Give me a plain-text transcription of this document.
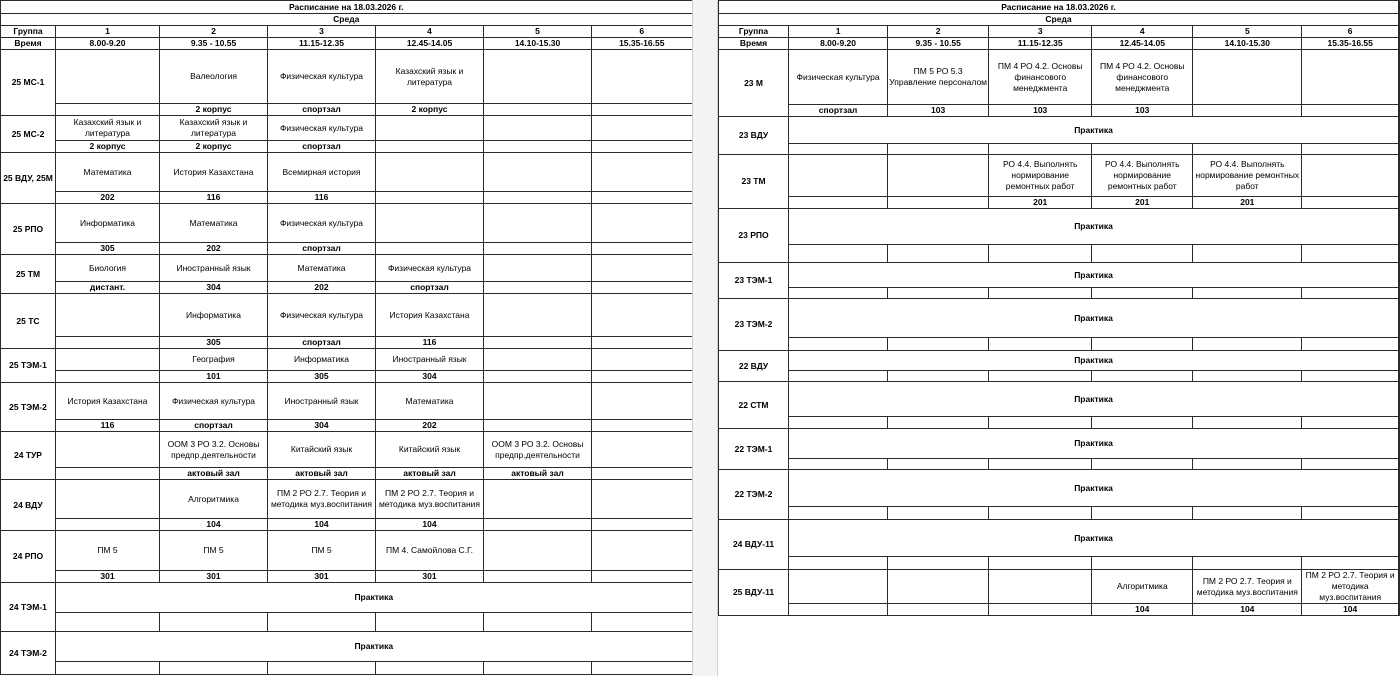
Расписание на 18.03.2026 г.						
Среда						
Группа	1	2	3	4	5	6
Время	8.00-9.20	9.35 - 10.55	11.15-12.35	12.45-14.05	14.10-15.30	15.35-16.55
25 МС-1		Валеология	Физическая культура	Казахский язык и литература		
		2 корпус	спортзал	2 корпус		
25 МС-2	Казахский язык и литература	Казахский язык и литература	Физическая культура			
	2 корпус	2 корпус	спортзал			
25 ВДУ, 25М	Математика	История Казахстана	Всемирная история			
	202	116	116			
25 РПО	Информатика	Математика	Физическая культура			
	305	202	спортзал			
25 ТМ	Биология	Иностранный язык	Математика	Физическая культура		
	дистант.	304	202	спортзал		
25 ТС		Информатика	Физическая культура	История Казахстана		
		305	спортзал	116		
25 ТЭМ-1		География	Информатика	Иностранный язык		
		101	305	304		
25 ТЭМ-2	История Казахстана	Физическая культура	Иностранный язык	Математика		
	116	спортзал	304	202		
24 ТУР		ООМ 3 РО 3.2. Основы предпр.деятельности	Китайский язык	Китайский язык	ООМ 3 РО 3.2. Основы предпр.деятельности	
		актовый зал	актовый зал	актовый зал	актовый зал	
24 ВДУ		Алгоритмика	ПМ 2 РО 2.7. Теория и методика муз.воспитания	ПМ 2 РО 2.7. Теория и методика муз.воспитания		
		104	104	104		
24 РПО	ПМ 5	ПМ 5	ПМ 5	ПМ 4. Самойлова С.Г.		
	301	301	301	301		
24 ТЭМ-1	Практика					

24 ТЭМ-2	Практика					

Расписание на 18.03.2026 г.						
Среда						
Группа	1	2	3	4	5	6
Время	8.00-9.20	9.35 - 10.55	11.15-12.35	12.45-14.05	14.10-15.30	15.35-16.55
23 М	Физическая культура	ПМ 5 РО 5.3 Управление персоналом	ПМ 4 РО 4.2. Основы финансового менеджмента	ПМ 4 РО 4.2. Основы финансового менеджмента		
	спортзал	103	103	103		
23 ВДУ	Практика					

23 ТМ			РО 4.4. Выполнять нормирование ремонтных работ	РО 4.4. Выполнять нормирование ремонтных работ	РО 4.4. Выполнять нормирование ремонтных работ	
			201	201	201	
23 РПО	Практика					

23 ТЭМ-1	Практика					

23 ТЭМ-2	Практика					

22 ВДУ	Практика					

22 СТМ	Практика					

22 ТЭМ-1	Практика					

22 ТЭМ-2	Практика					

24 ВДУ-11	Практика					

25 ВДУ-11				Алгоритмика	ПМ 2 РО 2.7. Теория и методика муз.воспитания	ПМ 2 РО 2.7. Теория и методика муз.воспитания
				104	104	104
